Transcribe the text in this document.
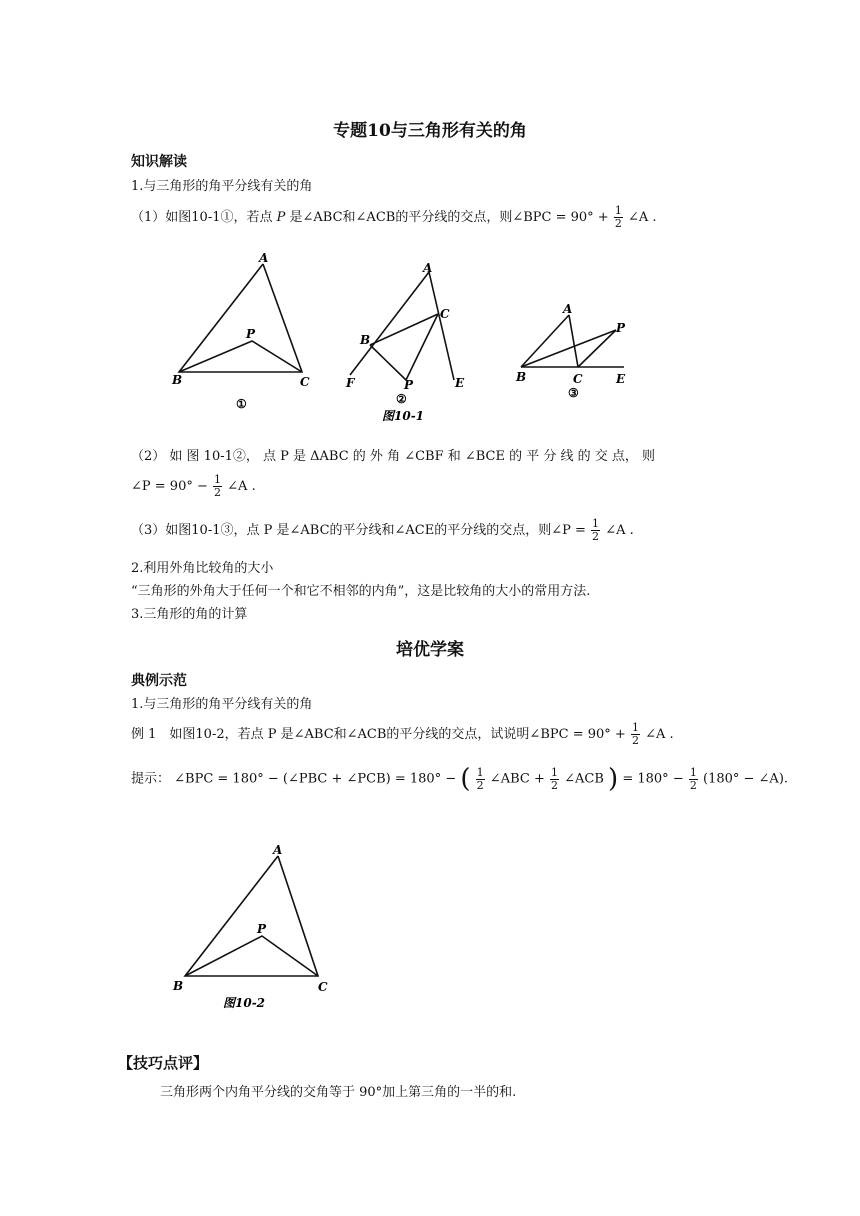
专题10与三角形有关的角
知识解读
1.与三角形的角平分线有关的角
（1）如图10-1①，若点 P 是∠ABC和∠ACB的平分线的交点，则∠BPC = $90^\circ + \frac{1}{2}$ ∠A .
A
B
P
C
①
A
B
C
F	P	E
②
图10-1
A
P
B	C	E
③
（2） 如 图 10-1②， 点 P 是 ΔABC 的 外 角 ∠CBF 和 ∠BCE 的 平 分 线 的 交 点， 则
∠P = $90^\circ - \frac{1}{2}$ ∠A .
（3）如图10-1③，点 P 是∠ABC的平分线和∠ACE的平分线的交点，则∠P = $\frac{1}{2}$ ∠A .
2.利用外角比较角的大小
“三角形的外角大于任何一个和它不相邻的内角”，这是比较角的大小的常用方法.
3.三角形的角的计算
培优学案
典例示范
1.与三角形的角平分线有关的角
例 1　如图10-2，若点 P 是∠ABC和∠ACB的平分线的交点，试说明∠BPC = $90^\circ + \frac{1}{2}$ ∠A .
提示： ∠BPC = 180° − (∠PBC + ∠PCB) = 180° − ( $\frac{1}{2}$ ∠ABC + $\frac{1}{2}$ ∠ACB ) = $180^\circ - \frac{1}{2} (180^\circ$ − ∠A).
A
B
P
C
图10-2
【技巧点评】
三角形两个内角平分线的交角等于 90°加上第三角的一半的和.
